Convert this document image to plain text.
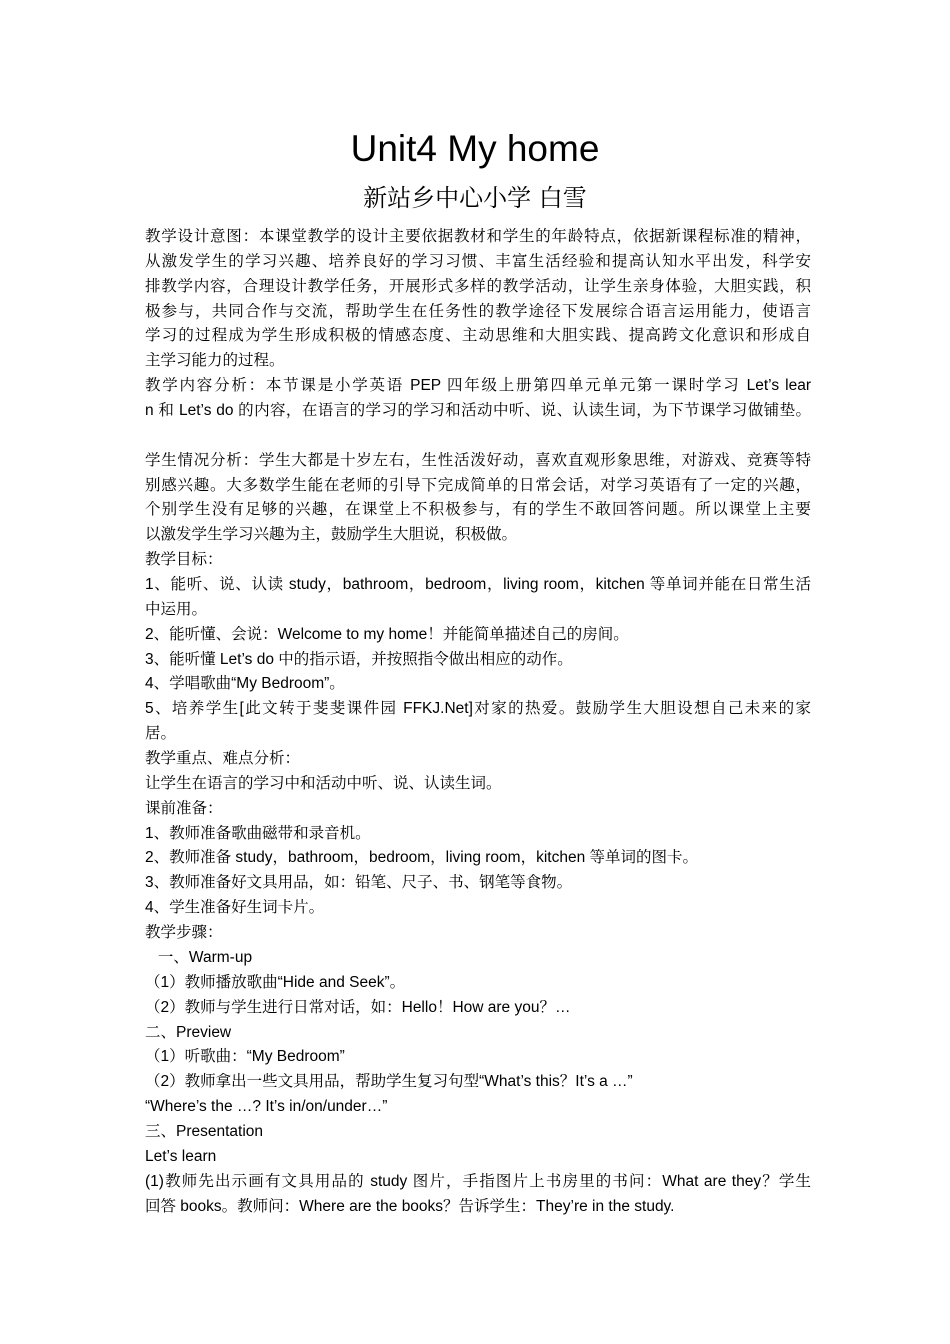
Unit4 My home
新站乡中心小学 白雪
教学设计意图：本课堂教学的设计主要依据教材和学生的年龄特点，依据新课程标准的精神，
从激发学生的学习兴趣、培养良好的学习习惯、丰富生活经验和提高认知水平出发，科学安
排教学内容，合理设计教学任务，开展形式多样的教学活动，让学生亲身体验，大胆实践，积
极参与，共同合作与交流，帮助学生在任务性的教学途径下发展综合语言运用能力，使语言
学习的过程成为学生形成积极的情感态度、主动思维和大胆实践、提高跨文化意识和形成自
主学习能力的过程。
教学内容分析：本节课是小学英语 PEP 四年级上册第四单元单元第一课时学习 Let’s lear
n 和 Let’s do 的内容，在语言的学习的学习和活动中听、说、认读生词，为下节课学习做铺垫。
学生情况分析：学生大都是十岁左右，生性活泼好动，喜欢直观形象思维，对游戏、竞赛等特
别感兴趣。大多数学生能在老师的引导下完成简单的日常会话，对学习英语有了一定的兴趣，
个别学生没有足够的兴趣，在课堂上不积极参与，有的学生不敢回答问题。所以课堂上主要
以激发学生学习兴趣为主，鼓励学生大胆说，积极做。
教学目标：
1、能听、说、认读 study，bathroom，bedroom，living room，kitchen 等单词并能在日常生活
中运用。
2、能听懂、会说：Welcome to my home！并能简单描述自己的房间。
3、能听懂 Let’s do 中的指示语，并按照指令做出相应的动作。
4、学唱歌曲“My Bedroom”。
5、培养学生[此文转于斐斐课件园 FFKJ.Net]对家的热爱。鼓励学生大胆设想自己未来的家
居。
教学重点、难点分析：
让学生在语言的学习中和活动中听、说、认读生词。
课前准备：
1、教师准备歌曲磁带和录音机。
2、教师准备 study，bathroom，bedroom，living room，kitchen 等单词的图卡。
3、教师准备好文具用品，如：铅笔、尺子、书、钢笔等食物。
4、学生准备好生词卡片。
教学步骤：
一、Warm-up
（1）教师播放歌曲“Hide and Seek”。
（2）教师与学生进行日常对话，如：Hello！How are you？…
二、Preview
（1）听歌曲：“My Bedroom”
（2）教师拿出一些文具用品，帮助学生复习句型“What’s this？It’s a …”
“Where’s the …? It’s in/on/under…”
三、Presentation
Let’s learn
(1)教师先出示画有文具用品的 study 图片，手指图片上书房里的书问：What are they？学生
回答 books。教师问：Where are the books？告诉学生：They’re in the study.
